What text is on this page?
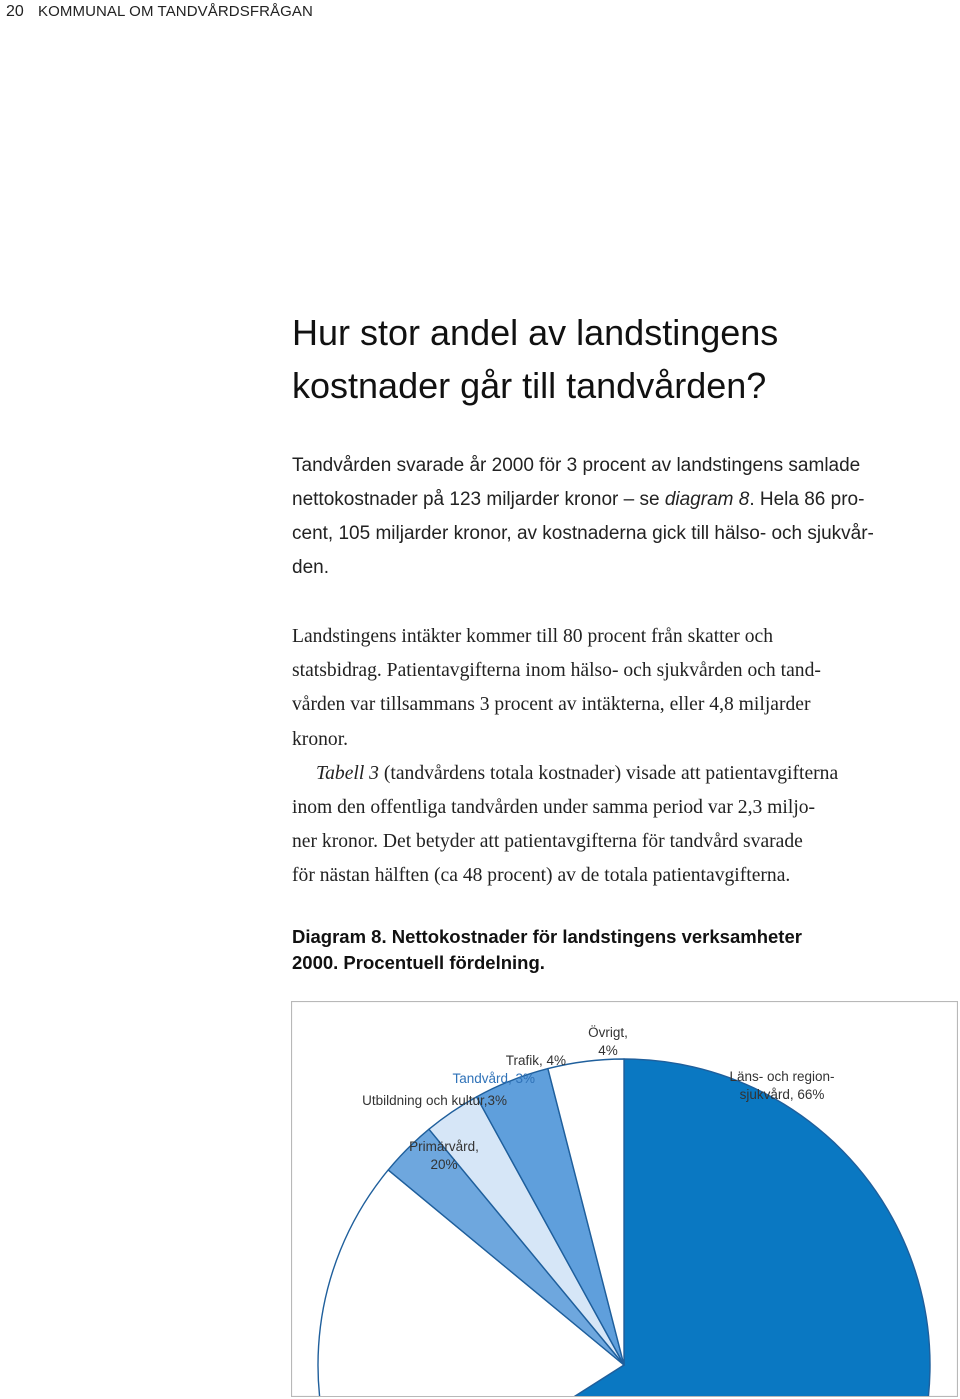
20 KOMMUNAL OM TANDVÅRDSFRÅGAN
Hur stor andel av landstingens
kostnader går till tandvården?

Tandvården svarade år 2000 för 3 procent av landstingens samlade
nettokostnader på 123 miljarder kronor – se diagram 8. Hela 86 pro-
cent, 105 miljarder kronor, av kostnaderna gick till hälso- och sjukvår-
den.

Landstingens intäkter kommer till 80 procent från skatter och
statsbidrag. Patientavgifterna inom hälso- och sjukvården och tand-
vården var tillsammans 3 procent av intäkterna, eller 4,8 miljarder
kronor.

Tabell 3 (tandvårdens totala kostnader) visade att patientavgifterna
inom den offentliga tandvården under samma period var 2,3 miljo-
ner kronor. Det betyder att patientavgifterna för tandvård svarade
för nästan hälften (ca 48 procent) av de totala patientavgifterna.

Diagram 8. Nettokostnader för landstingens verksamheter
2000. Procentuell fördelning.

Läns- och region-sjukvård, 66%
Primärvård, 20%
Utbildning och kultur,3%
Tandvård, 3%
Trafik, 4%
Övrigt, 4%
